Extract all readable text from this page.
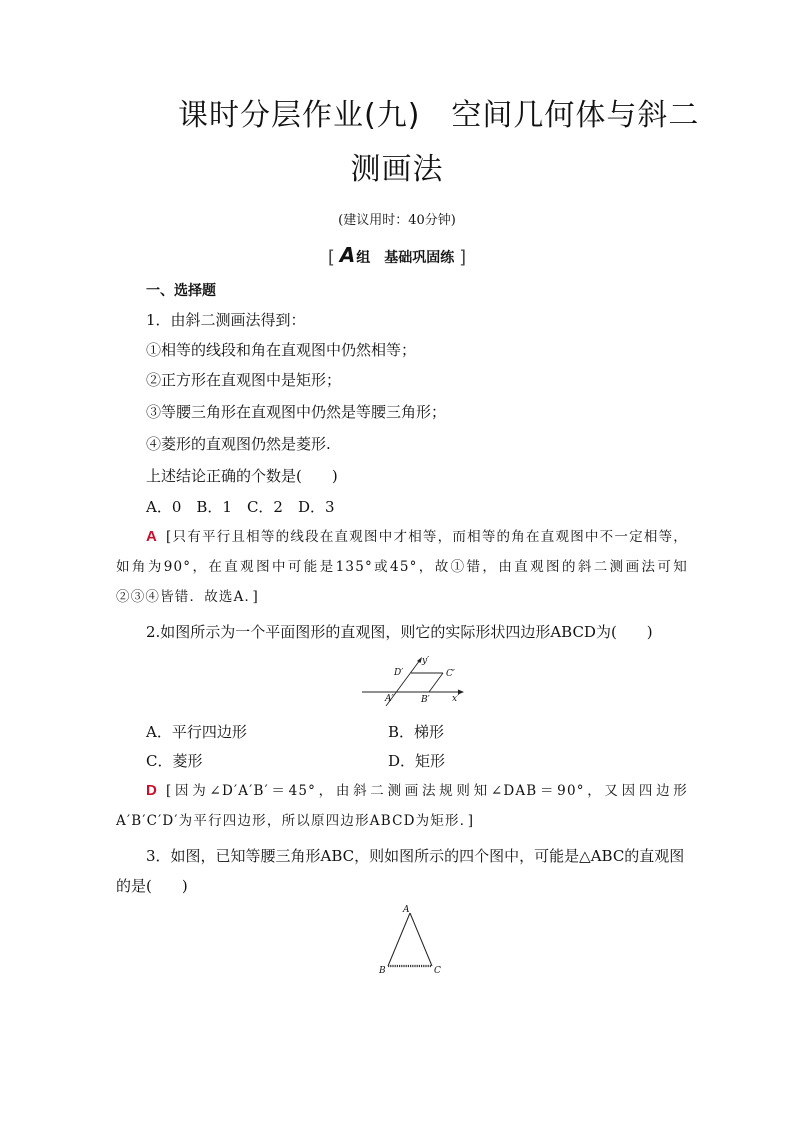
课时分层作业(九)　空间几何体与斜二
测画法
(建议用时：40分钟)
[ A 组　基础巩固练 ]
一、选择题
1．由斜二测画法得到：
①相等的线段和角在直观图中仍然相等；
②正方形在直观图中是矩形；
③等腰三角形在直观图中仍然是等腰三角形；
④菱形的直观图仍然是菱形.
上述结论正确的个数是(　　)
A．0　B．1　C．2　D．3
A [只有平行且相等的线段在直观图中才相等，而相等的角在直观图中不一定相等，如角为90°，在直观图中可能是135°或45°，故①错，由直观图的斜二测画法可知②③④皆错．故选A．]
2.如图所示为一个平面图形的直观图，则它的实际形状四边形ABCD为(　　)
D′	C′
A′	B′ x′
y′
A．平行四边形	B．梯形
C．菱形	D．矩形
D [因为∠D′A′B′＝45°，由斜二测画法规则知∠DAB＝90°，又因四边形A′B′C′D′为平行四边形，所以原四边形ABCD为矩形．]
3．如图，已知等腰三角形ABC，则如图所示的四个图中，可能是△ABC的直观图的是(　　)
A
B	C
